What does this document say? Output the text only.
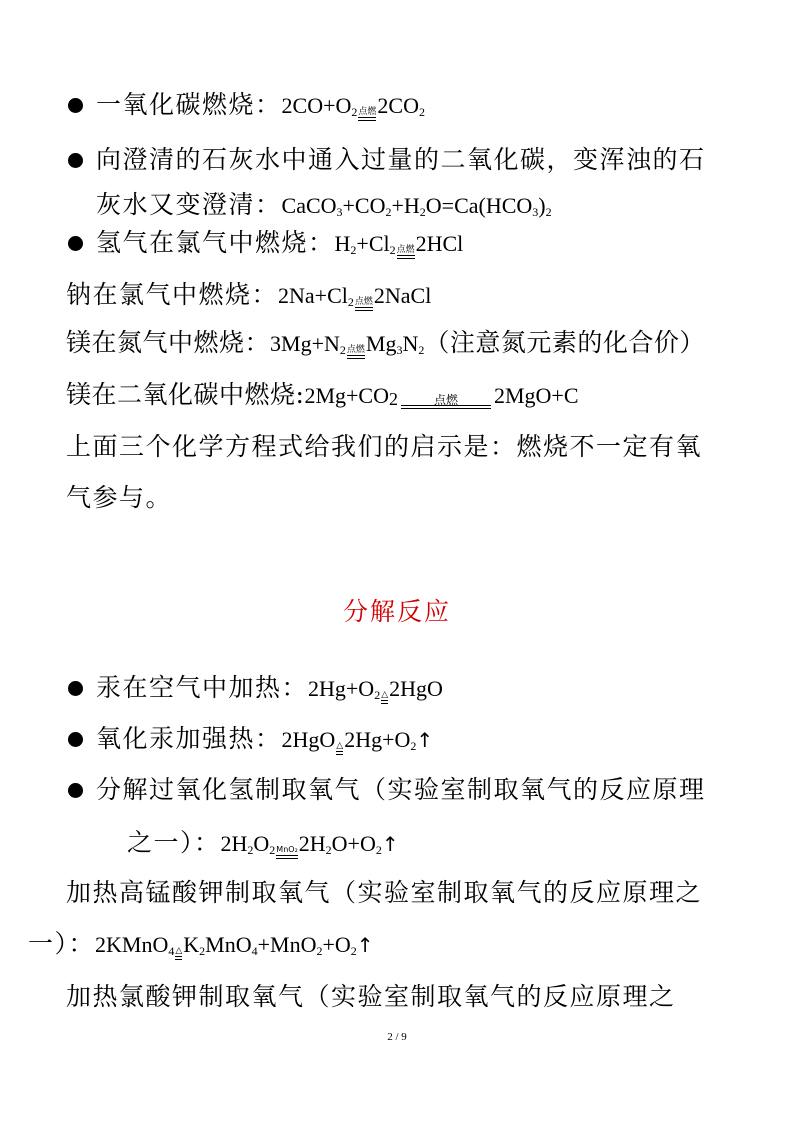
一氧化碳燃烧：$2CO+O_2$ 点燃 $2CO_2$
向澄清的石灰水中通入过量的二氧化碳，变浑浊的石
灰水又变澄清：$CaCO_3+CO_2+H_2O=Ca(HCO_3)_2$
氢气在氯气中燃烧：$H_2+Cl_2$ 点燃 2HCl
钠在氯气中燃烧：$2Na+Cl_2$ 点燃 2NaCl
镁在氮气中燃烧：$3Mg+N_2$ 点燃 $Mg_3N_2$（注意氮元素的化合价）
镁在二氧化碳中燃烧$:2Mg+CO_2$	点燃	2MgO+C
上面三个化学方程式给我们的启示是：燃烧不一定有氧
气参与。
分解反应
汞在空气中加热：$2Hg+O_2$ △ 2HgO
氧化汞加强热：2HgO △ $2Hg+O_2↑$
分解过氧化氢制取氧气（实验室制取氧气的反应原理
之一）：$2H_2O_2$ MnO₂ $2H_2O+O_2↑$
加热高锰酸钾制取氧气（实验室制取氧气的反应原理之
一）：2KMnO$_4$ △ $K_2MnO_4+MnO_2+O_2↑$
加热氯酸钾制取氧气（实验室制取氧气的反应原理之
2 / 9
